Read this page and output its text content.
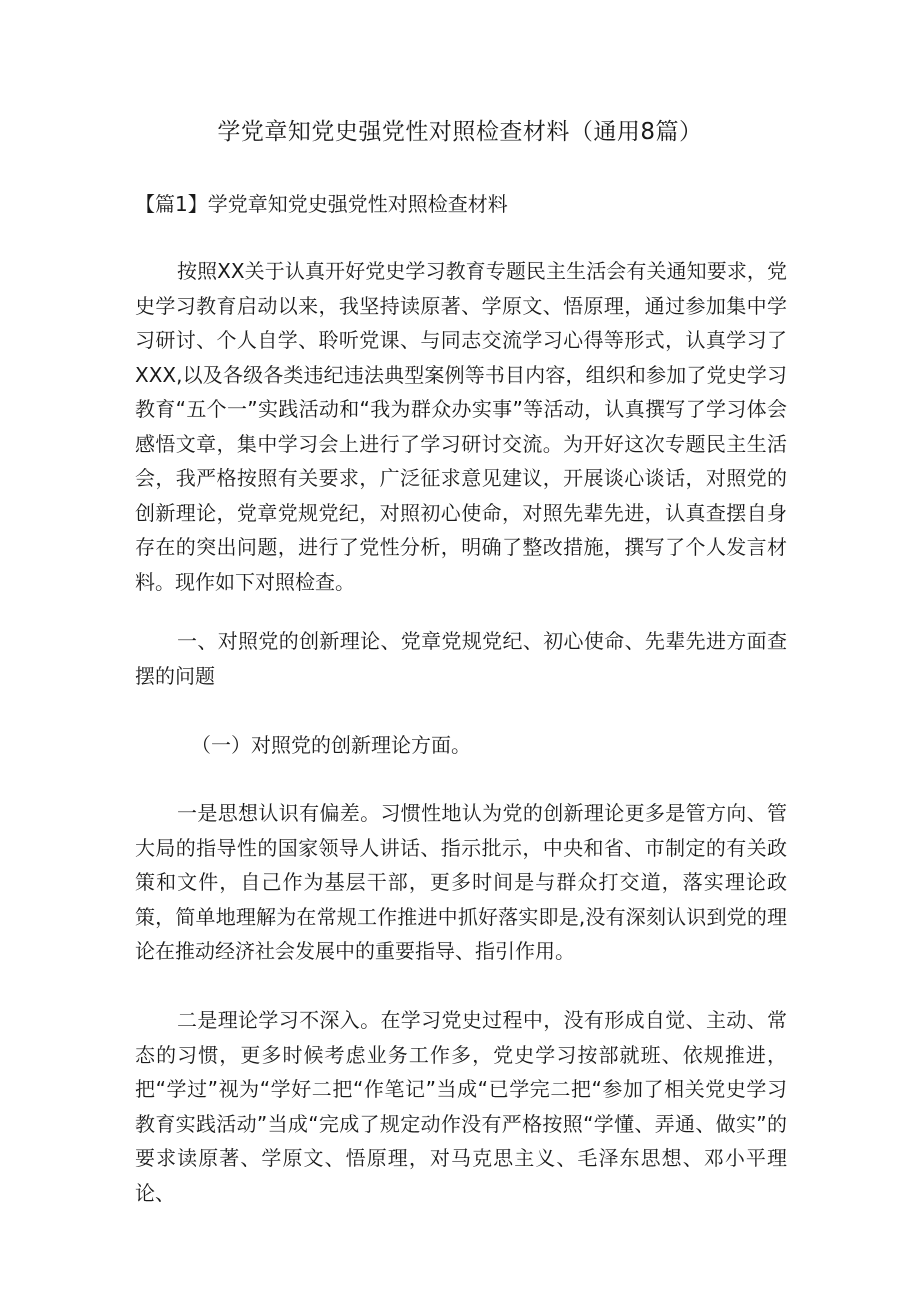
学党章知党史强党性对照检查材料（通用8篇）
【篇1】学党章知党史强党性对照检查材料

按照XX关于认真开好党史学习教育专题民主生活会有关通知要求，党史学习教育启动以来，我坚持读原著、学原文、悟原理，通过参加集中学习研讨、个人自学、聆听党课、与同志交流学习心得等形式，认真学习了XXX,以及各级各类违纪违法典型案例等书目内容，组织和参加了党史学习教育“五个一”实践活动和“我为群众办实事”等活动，认真撰写了学习体会感悟文章，集中学习会上进行了学习研讨交流。为开好这次专题民主生活会，我严格按照有关要求，广泛征求意见建议，开展谈心谈话，对照党的创新理论，党章党规党纪，对照初心使命，对照先辈先进，认真查摆自身存在的突出问题，进行了党性分析，明确了整改措施，撰写了个人发言材料。现作如下对照检查。

一、对照党的创新理论、党章党规党纪、初心使命、先辈先进方面查摆的问题

（一）对照党的创新理论方面。

一是思想认识有偏差。习惯性地认为党的创新理论更多是管方向、管大局的指导性的国家领导人讲话、指示批示，中央和省、市制定的有关政策和文件，自己作为基层干部，更多时间是与群众打交道，落实理论政策，简单地理解为在常规工作推进中抓好落实即是,没有深刻认识到党的理论在推动经济社会发展中的重要指导、指引作用。

二是理论学习不深入。在学习党史过程中，没有形成自觉、主动、常态的习惯，更多时候考虑业务工作多，党史学习按部就班、依规推进，把“学过”视为“学好二把“作笔记”当成“已学完二把“参加了相关党史学习教育实践活动”当成“完成了规定动作没有严格按照“学懂、弄通、做实”的要求读原著、学原文、悟原理，对马克思主义、毛泽东思想、邓小平理论、
